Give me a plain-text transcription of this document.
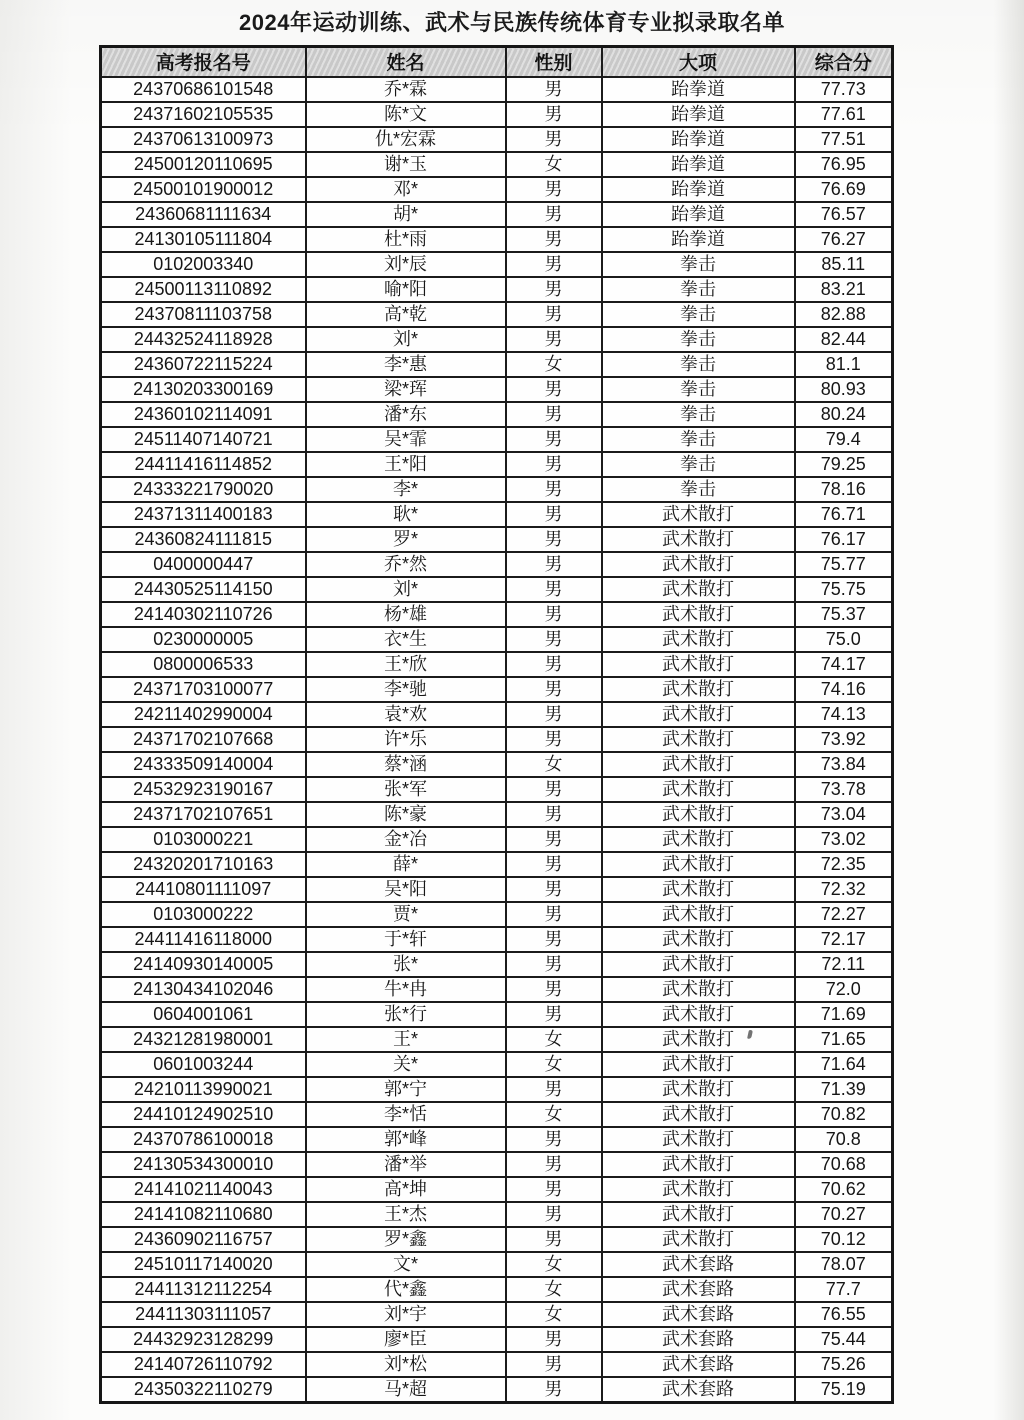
2024年运动训练、武术与民族传统体育专业拟录取名单
高考报名号	姓名	性别	大项	综合分
24370686101548	乔*霖	男	跆拳道	77.73
24371602105535	陈*文	男	跆拳道	77.61
24370613100973	仇*宏霖	男	跆拳道	77.51
24500120110695	谢*玉	女	跆拳道	76.95
24500101900012	邓*	男	跆拳道	76.69
24360681111634	胡*	男	跆拳道	76.57
24130105111804	杜*雨	男	跆拳道	76.27
0102003340	刘*辰	男	拳击	85.11
24500113110892	喻*阳	男	拳击	83.21
24370811103758	高*乾	男	拳击	82.88
24432524118928	刘*	男	拳击	82.44
24360722115224	李*惠	女	拳击	81.1
24130203300169	梁*珲	男	拳击	80.93
24360102114091	潘*东	男	拳击	80.24
24511407140721	吴*霏	男	拳击	79.4
24411416114852	王*阳	男	拳击	79.25
24333221790020	李*	男	拳击	78.16
24371311400183	耿*	男	武术散打	76.71
24360824111815	罗*	男	武术散打	76.17
0400000447	乔*然	男	武术散打	75.77
24430525114150	刘*	男	武术散打	75.75
24140302110726	杨*雄	男	武术散打	75.37
0230000005	衣*生	男	武术散打	75.0
0800006533	王*欣	男	武术散打	74.17
24371703100077	李*驰	男	武术散打	74.16
24211402990004	袁*欢	男	武术散打	74.13
24371702107668	许*乐	男	武术散打	73.92
24333509140004	蔡*涵	女	武术散打	73.84
24532923190167	张*军	男	武术散打	73.78
24371702107651	陈*豪	男	武术散打	73.04
0103000221	金*冶	男	武术散打	73.02
24320201710163	薛*	男	武术散打	72.35
24410801111097	吴*阳	男	武术散打	72.32
0103000222	贾*	男	武术散打	72.27
24411416118000	于*轩	男	武术散打	72.17
24140930140005	张*	男	武术散打	72.11
24130434102046	牛*冉	男	武术散打	72.0
0604001061	张*行	男	武术散打	71.69
24321281980001	王*	女	武术散打	71.65
0601003244	关*	女	武术散打	71.64
24210113990021	郭*宁	男	武术散打	71.39
24410124902510	李*恬	女	武术散打	70.82
24370786100018	郭*峰	男	武术散打	70.8
24130534300010	潘*举	男	武术散打	70.68
24141021140043	高*坤	男	武术散打	70.62
24141082110680	王*杰	男	武术散打	70.27
24360902116757	罗*鑫	男	武术散打	70.12
24510117140020	文*	女	武术套路	78.07
24411312112254	代*鑫	女	武术套路	77.7
24411303111057	刘*宇	女	武术套路	76.55
24432923128299	廖*臣	男	武术套路	75.44
24140726110792	刘*松	男	武术套路	75.26
24350322110279	马*超	男	武术套路	75.19
